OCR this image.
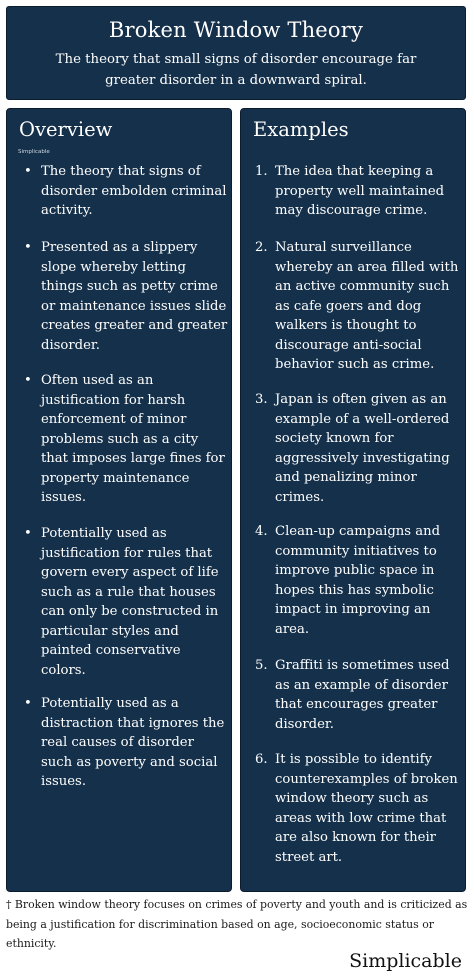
Broken Window Theory

The theory that small signs of disorder encourage far greater disorder in a downward spiral.

Overview
• The theory that signs of disorder embolden criminal activity.
• Presented as a slippery slope whereby letting things such as petty crime or maintenance issues slide creates greater and greater disorder.
• Often used as an justification for harsh enforcement of minor problems such as a city that imposes large fines for property maintenance issues.
• Potentially used as justification for rules that govern every aspect of life such as a rule that houses can only be constructed in particular styles and painted conservative colors.
• Potentially used as a distraction that ignores the real causes of disorder such as poverty and social issues.
Simplicable
Examples
1. The idea that keeping a property well maintained may discourage crime.
2. Natural surveillance whereby an area filled with an active community such as cafe goers and dog walkers is thought to discourage anti-social behavior such as crime.
3. Japan is often given as an example of a well-ordered society known for aggressively investigating and penalizing minor crimes.
4. Clean-up campaigns and community initiatives to improve public space in hopes this has symbolic impact in improving an area.
5. Graffiti is sometimes used as an example of disorder that encourages greater disorder.
6. It is possible to identify counterexamples of broken window theory such as areas with low crime that are also known for their street art.
† Broken window theory focuses on crimes of poverty and youth and is criticized as being a justification for discrimination based on age, socioeconomic status or ethnicity.
Simplicable
